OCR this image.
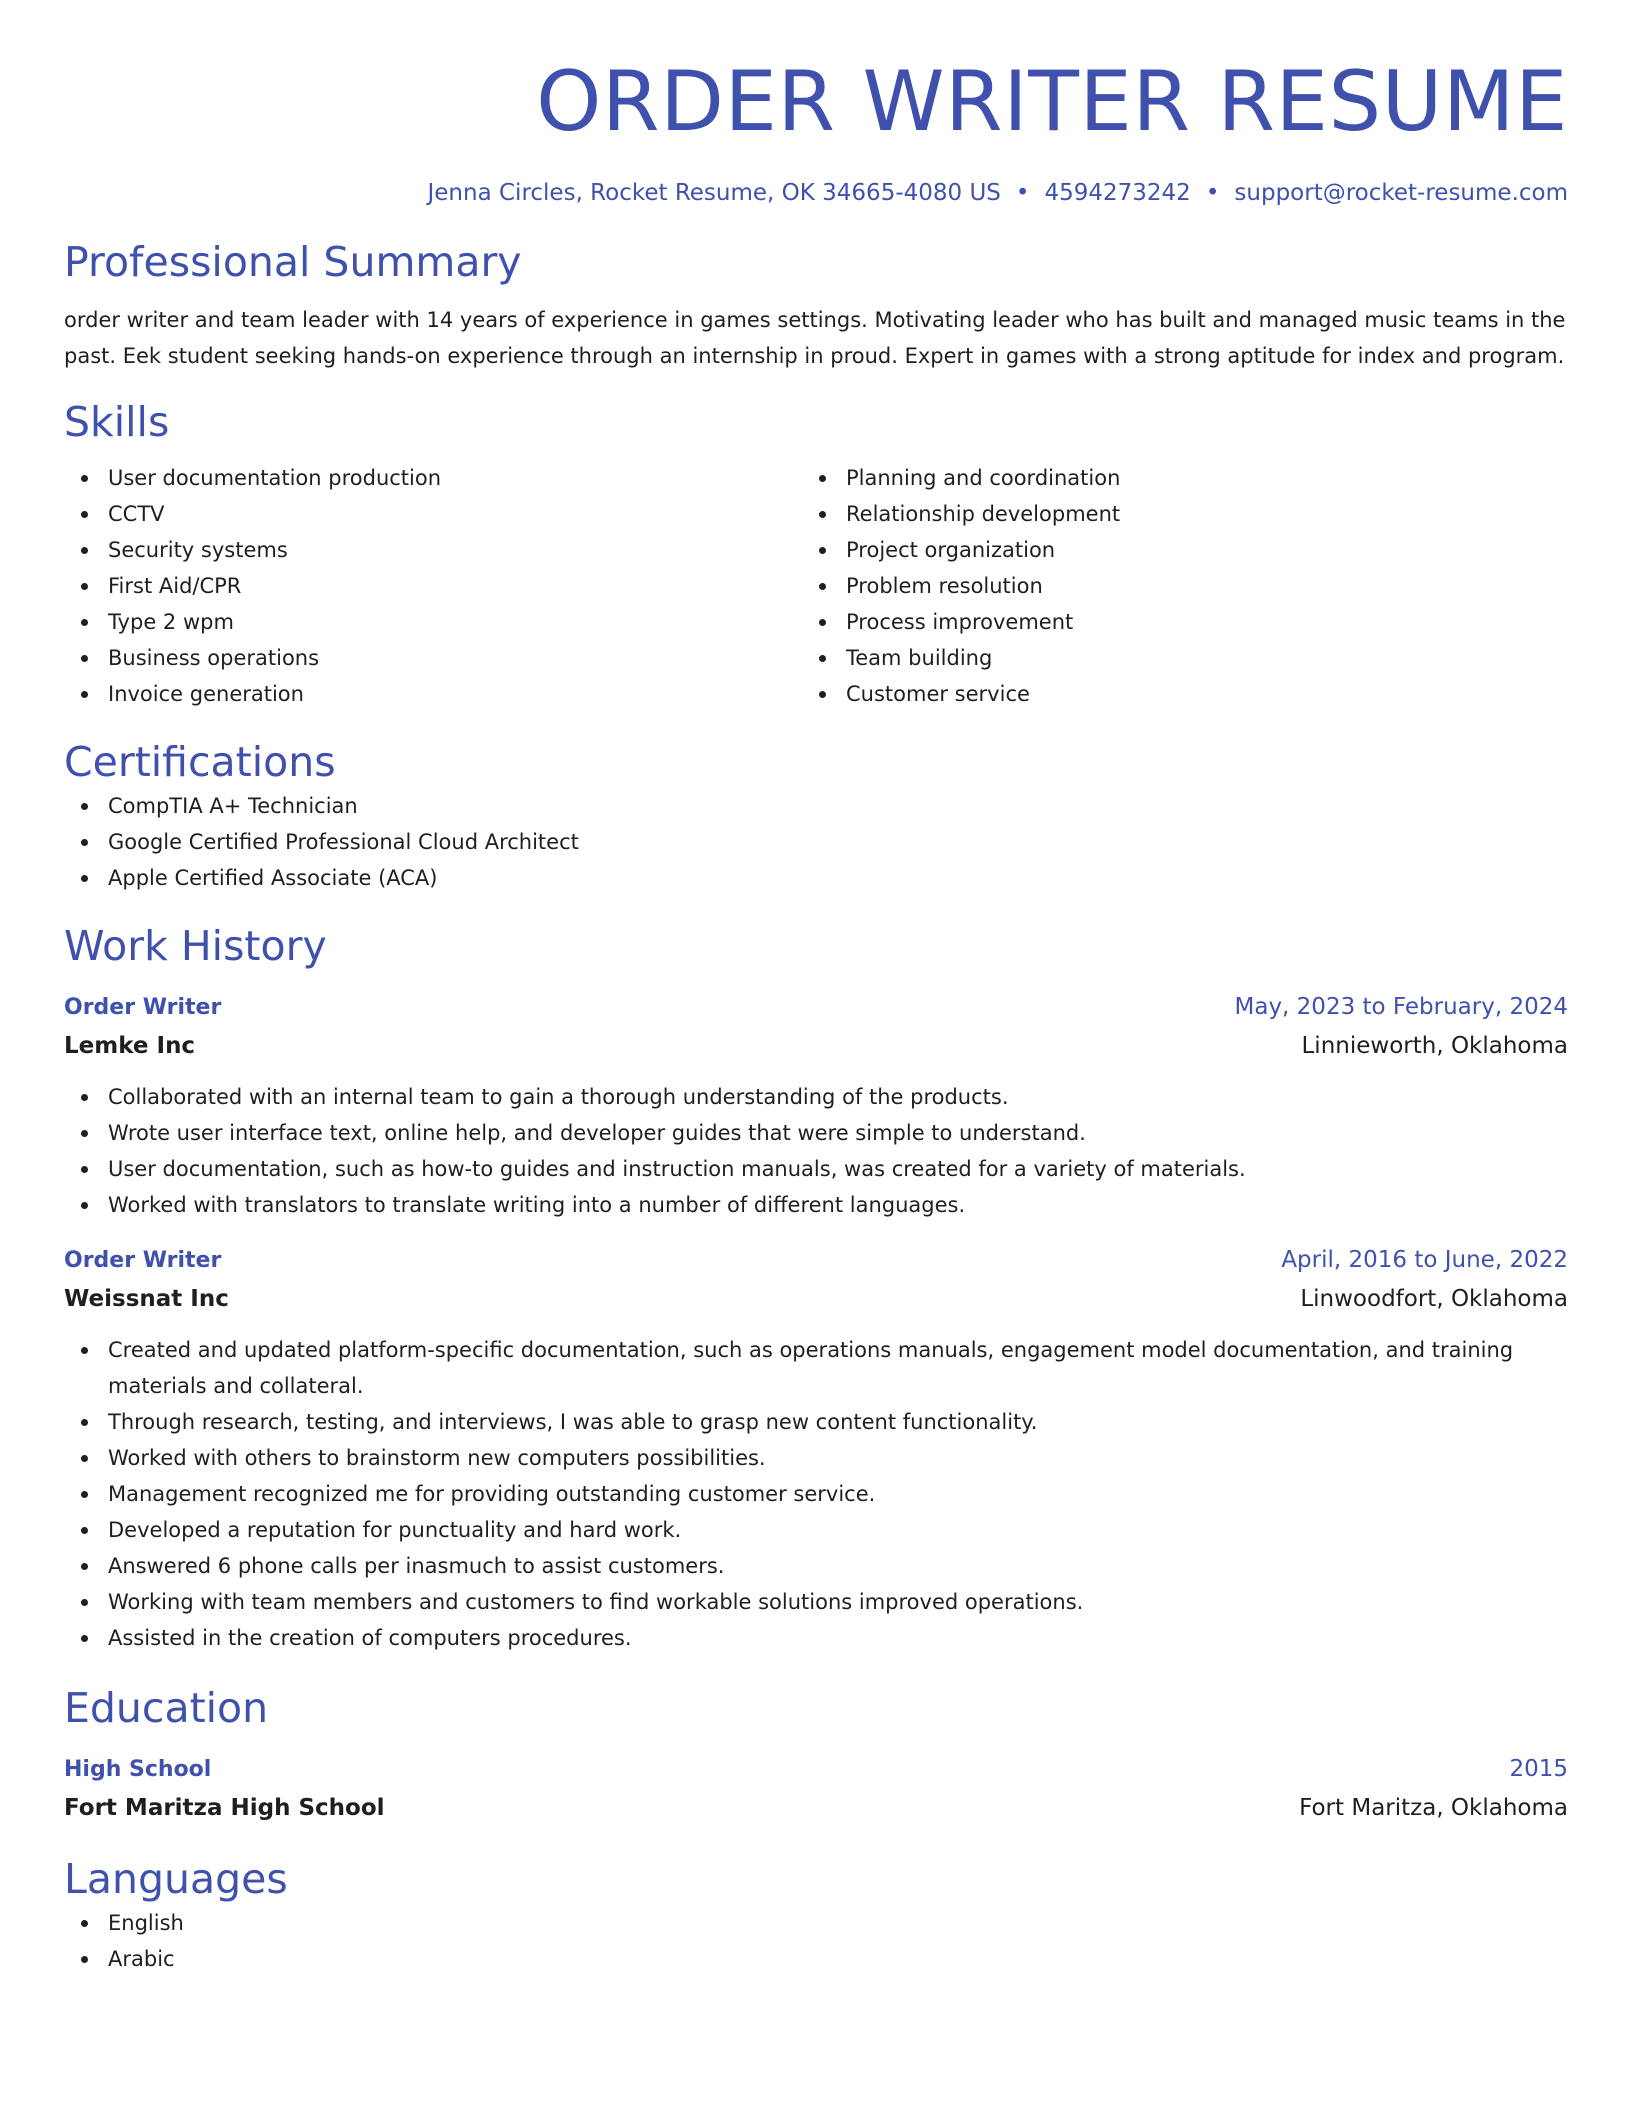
ORDER WRITER RESUME
Jenna Circles, Rocket Resume, OK 34665-4080 US • 4594273242 • support@rocket-resume.com
Professional Summary
order writer and team leader with 14 years of experience in games settings. Motivating leader who has built and managed music teams in the past. Eek student seeking hands-on experience through an internship in proud. Expert in games with a strong aptitude for index and program.
Skills
User documentation production
CCTV
Security systems
First Aid/CPR
Type 2 wpm
Business operations
Invoice generation
Planning and coordination
Relationship development
Project organization
Problem resolution
Process improvement
Team building
Customer service
Certifications
CompTIA A+ Technician
Google Certified Professional Cloud Architect
Apple Certified Associate (ACA)
Work History
Order Writer	May, 2023 to February, 2024
Lemke Inc	Linnieworth, Oklahoma
Collaborated with an internal team to gain a thorough understanding of the products.
Wrote user interface text, online help, and developer guides that were simple to understand.
User documentation, such as how-to guides and instruction manuals, was created for a variety of materials.
Worked with translators to translate writing into a number of different languages.
Order Writer	April, 2016 to June, 2022
Weissnat Inc	Linwoodfort, Oklahoma
Created and updated platform-specific documentation, such as operations manuals, engagement model documentation, and training materials and collateral.
Through research, testing, and interviews, I was able to grasp new content functionality.
Worked with others to brainstorm new computers possibilities.
Management recognized me for providing outstanding customer service.
Developed a reputation for punctuality and hard work.
Answered 6 phone calls per inasmuch to assist customers.
Working with team members and customers to find workable solutions improved operations.
Assisted in the creation of computers procedures.
Education
High School	2015
Fort Maritza High School	Fort Maritza, Oklahoma
Languages
English
Arabic
